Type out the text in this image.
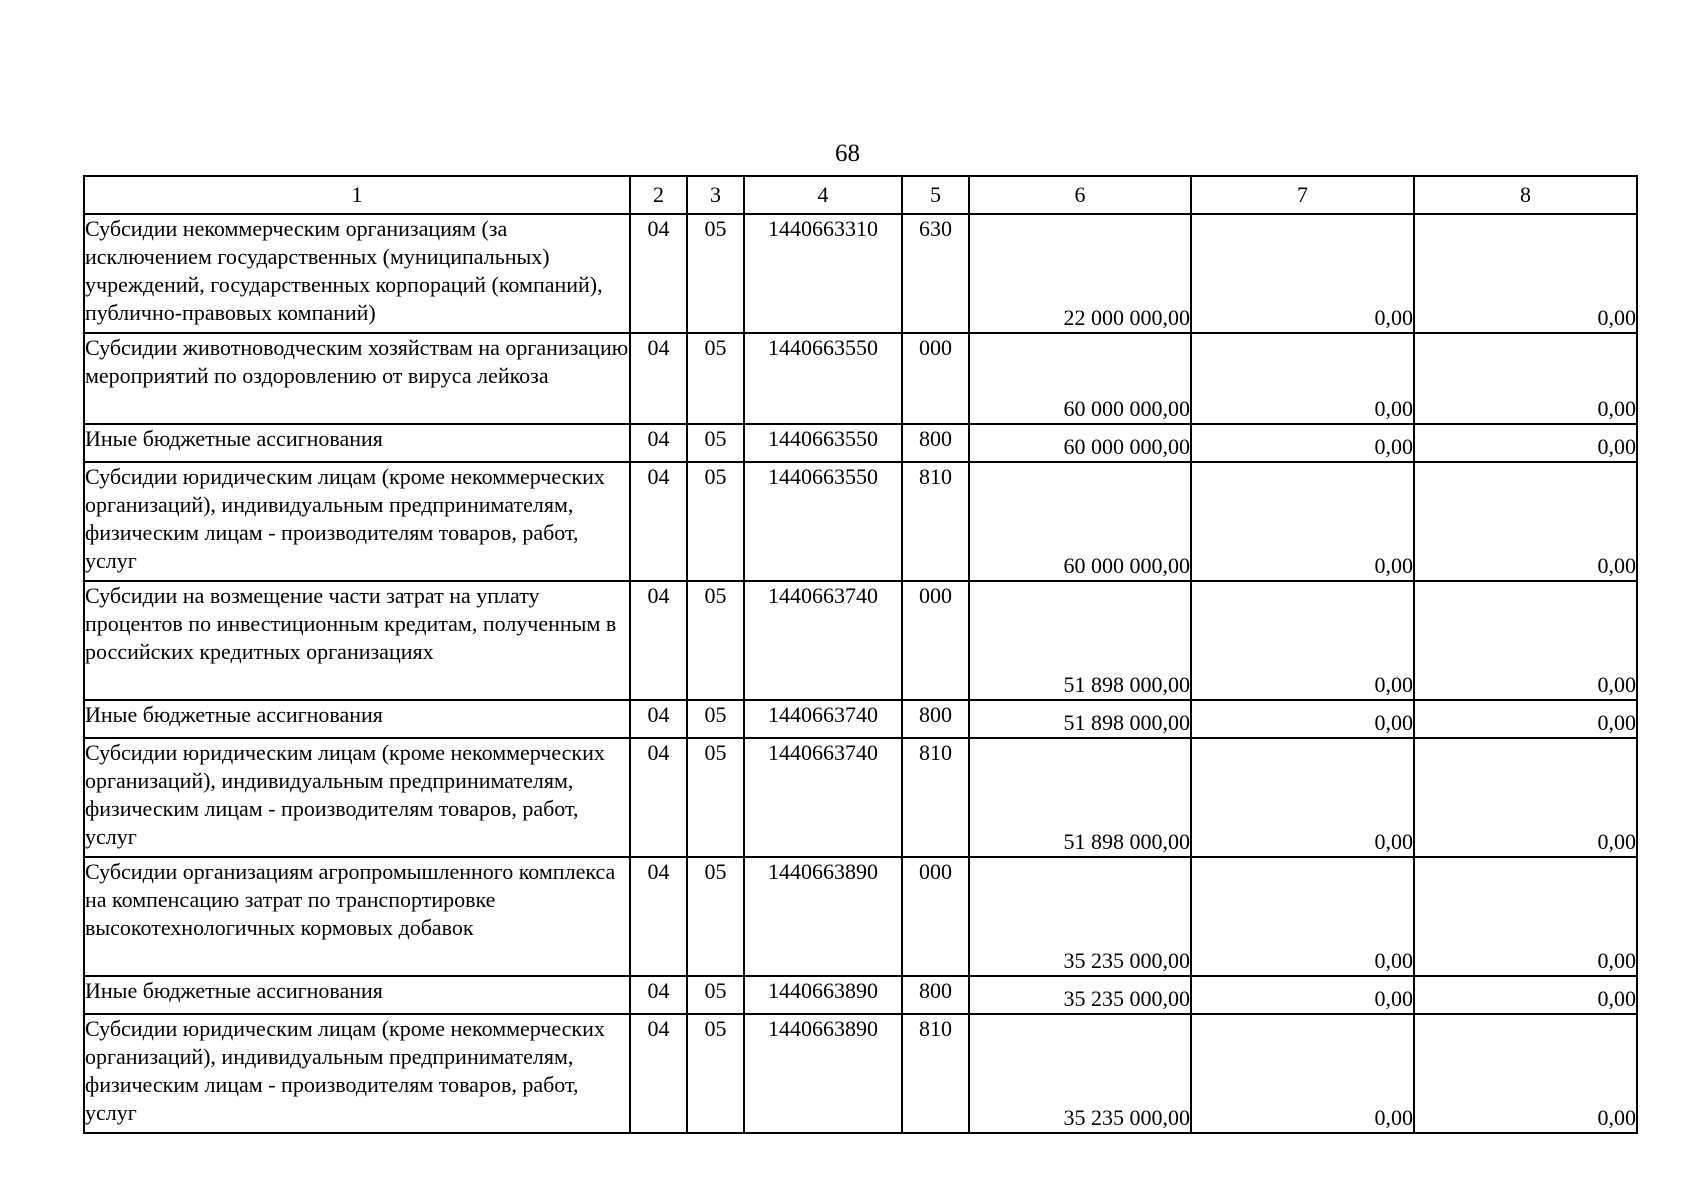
68
1	2	3	4	5	6	7	8
Субсидии некоммерческим организациям (за исключением государственных (муниципальных) учреждений, государственных корпораций (компаний), публично-правовых компаний)	04	05	1440663310	630	22 000 000,00	0,00	0,00
Субсидии животноводческим хозяйствам на организацию мероприятий по оздоровлению от вируса лейкоза	04	05	1440663550	000	60 000 000,00	0,00	0,00
Иные бюджетные ассигнования	04	05	1440663550	800	60 000 000,00	0,00	0,00
Субсидии юридическим лицам (кроме некоммерческих организаций), индивидуальным предпринимателям, физическим лицам - производителям товаров, работ, услуг	04	05	1440663550	810	60 000 000,00	0,00	0,00
Субсидии на возмещение части затрат на уплату процентов по инвестиционным кредитам, полученным в российских кредитных организациях	04	05	1440663740	000	51 898 000,00	0,00	0,00
Иные бюджетные ассигнования	04	05	1440663740	800	51 898 000,00	0,00	0,00
Субсидии юридическим лицам (кроме некоммерческих организаций), индивидуальным предпринимателям, физическим лицам - производителям товаров, работ, услуг	04	05	1440663740	810	51 898 000,00	0,00	0,00
Субсидии организациям агропромышленного комплекса на компенсацию затрат по транспортировке высокотехнологичных кормовых добавок	04	05	1440663890	000	35 235 000,00	0,00	0,00
Иные бюджетные ассигнования	04	05	1440663890	800	35 235 000,00	0,00	0,00
Субсидии юридическим лицам (кроме некоммерческих организаций), индивидуальным предпринимателям, физическим лицам - производителям товаров, работ, услуг	04	05	1440663890	810	35 235 000,00	0,00	0,00
